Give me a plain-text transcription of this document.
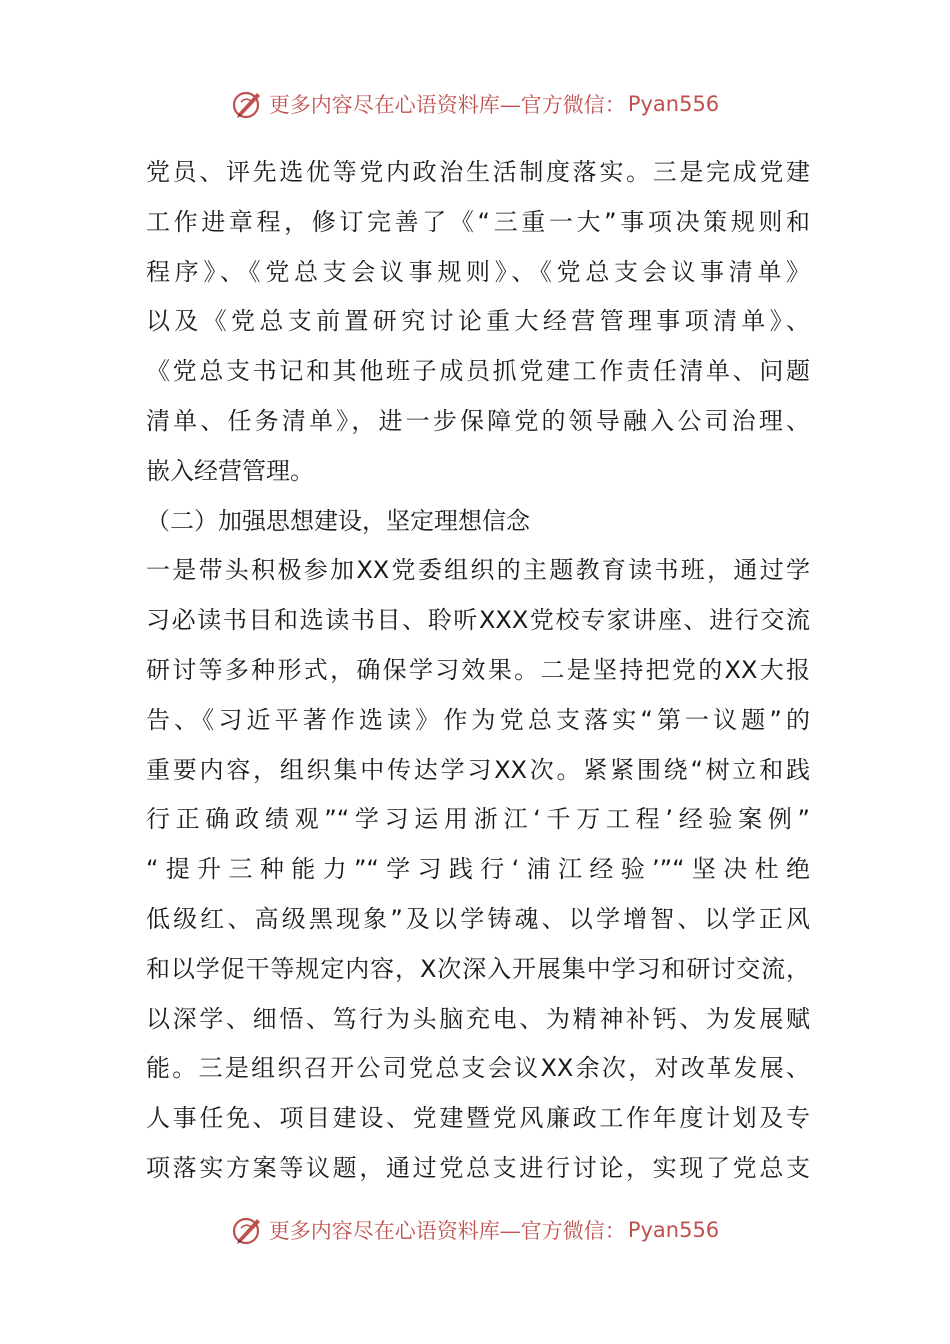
更多内容尽在心语资料库—官方微信： Pyan556
党员、评先选优等党内政治生活制度落实。三是完成党建
工作进章程，修订完善了《“三重一大”事项决策规则和
程序》、《党总支会议事规则》、《党总支会议事清单》
以及《党总支前置研究讨论重大经营管理事项清单》、
《党总支书记和其他班子成员抓党建工作责任清单、问题
清单、任务清单》，进一步保障党的领导融入公司治理、
嵌入经营管理。
（二）加强思想建设，坚定理想信念
一是带头积极参加XX党委组织的主题教育读书班，通过学
习必读书目和选读书目、聆听XXX党校专家讲座、进行交流
研讨等多种形式，确保学习效果。二是坚持把党的XX大报
告、《习近平著作选读》作为党总支落实“第一议题”的
重要内容，组织集中传达学习XX次。紧紧围绕“树立和践
行正确政绩观”“学习运用浙江‘千万工程’经验案例”
“提升三种能力”“学习践行‘浦江经验’”“坚决杜绝
低级红、高级黑现象”及以学铸魂、以学增智、以学正风
和以学促干等规定内容，X次深入开展集中学习和研讨交流，
以深学、细悟、笃行为头脑充电、为精神补钙、为发展赋
能。三是组织召开公司党总支会议XX余次，对改革发展、
人事任免、项目建设、党建暨党风廉政工作年度计划及专
项落实方案等议题，通过党总支进行讨论，实现了党总支
更多内容尽在心语资料库—官方微信： Pyan556
